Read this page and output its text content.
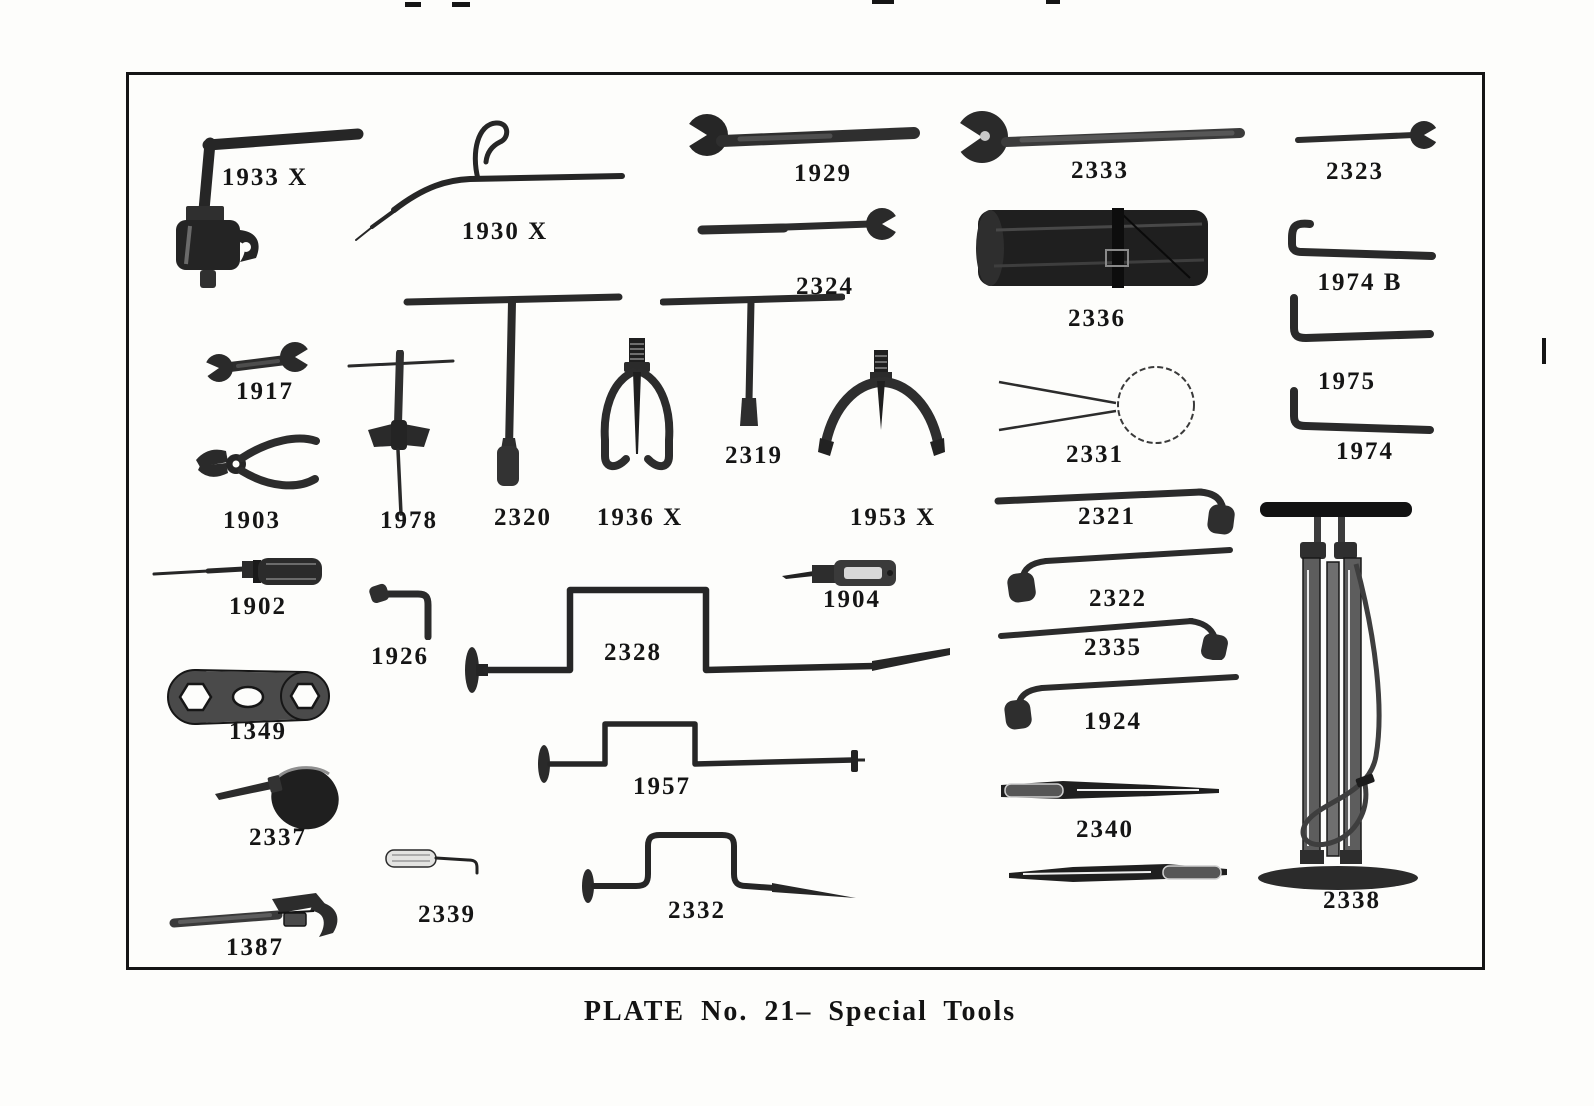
1933 X
1930 X
1929	2333	2323
2324
2336
1974 B
1917	1975
1974
1903	1978 2320 1936 X
2319
1953 X
2331
2321
1902	1904	2322
1926	2328	2335
1349	1924
1957
2337	2340
2339	2332
1387
2338
PLATE No. 21– Special Tools
